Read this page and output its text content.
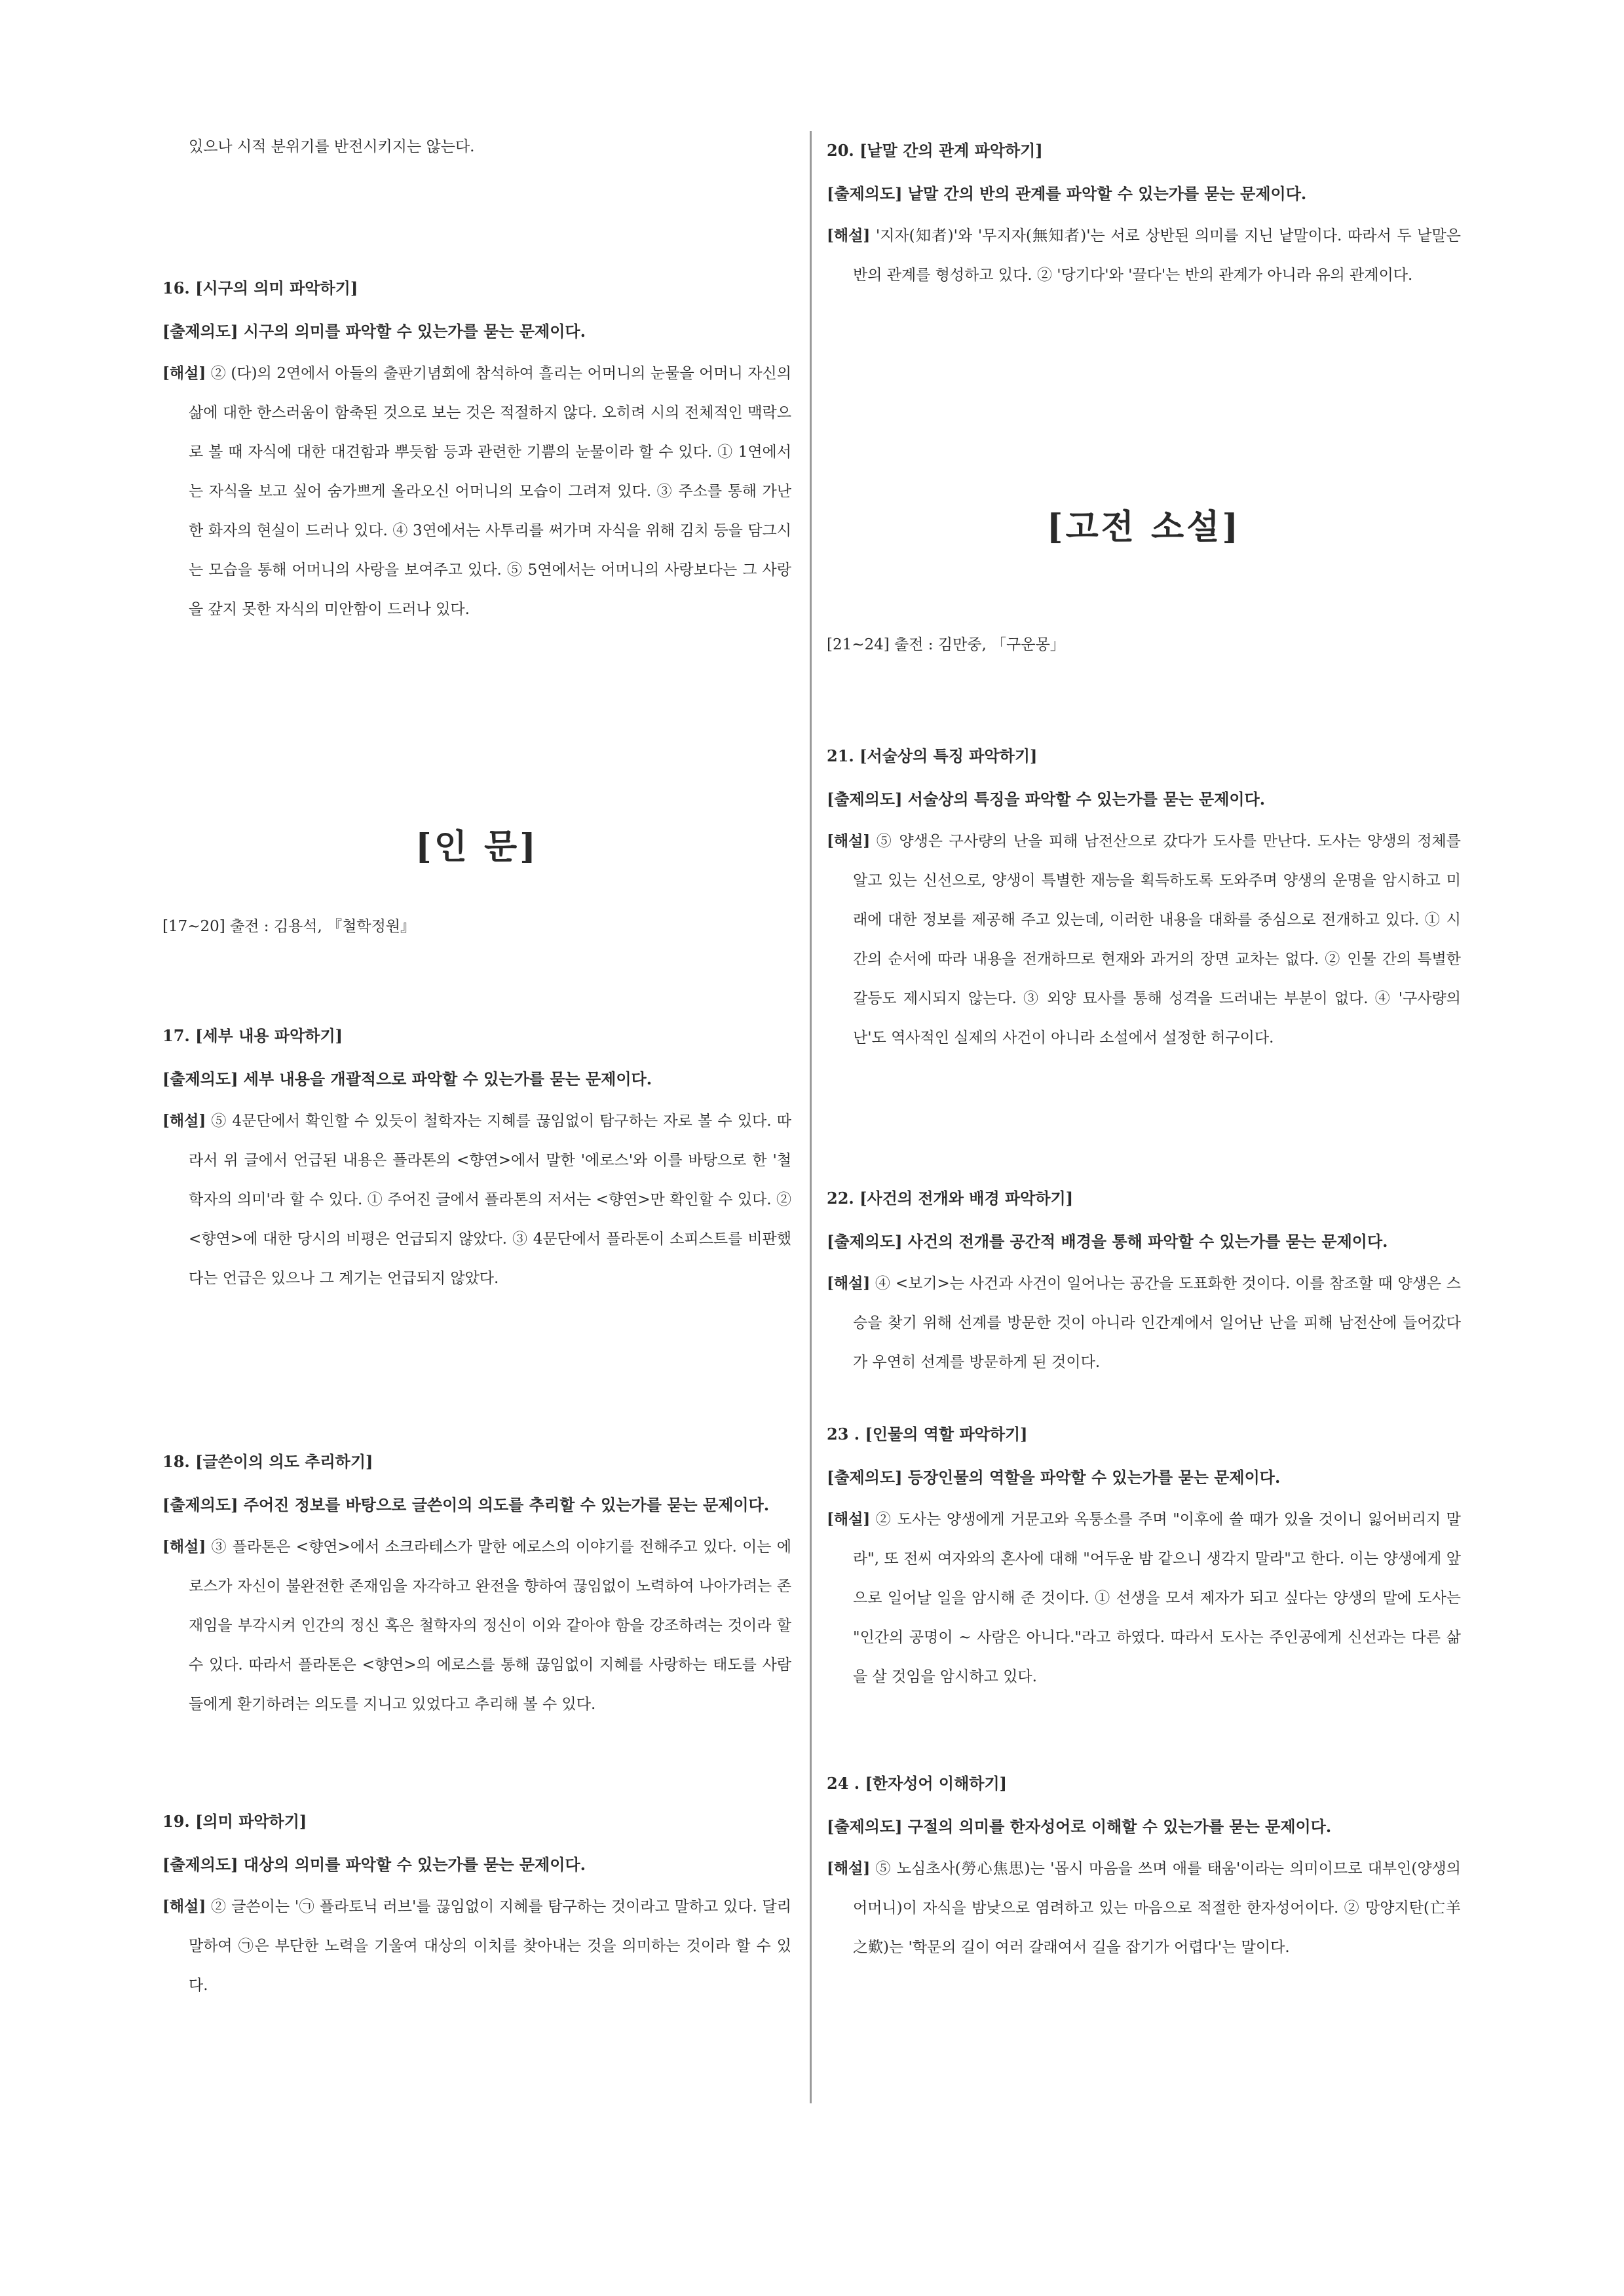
있으나 시적 분위기를 반전시키지는 않는다.
16. [시구의 의미 파악하기]
[출제의도] 시구의 의미를 파악할 수 있는가를 묻는 문제이다.
[해설] ② (다)의 2연에서 아들의 출판기념회에 참석하여 흘리는 어머니의 눈물을 어머니 자신의 삶에 대한 한스러움이 함축된 것으로 보는 것은 적절하지 않다. 오히려 시의 전체적인 맥락으로 볼 때 자식에 대한 대견함과 뿌듯함 등과 관련한 기쁨의 눈물이라 할 수 있다. ① 1연에서는 자식을 보고 싶어 숨가쁘게 올라오신 어머니의 모습이 그려져 있다. ③ 주소를 통해 가난한 화자의 현실이 드러나 있다. ④ 3연에서는 사투리를 써가며 자식을 위해 김치 등을 담그시는 모습을 통해 어머니의 사랑을 보여주고 있다. ⑤ 5연에서는 어머니의 사랑보다는 그 사랑을 갚지 못한 자식의 미안함이 드러나 있다.
[인 문]
[17~20] 출전 : 김용석, 『철학정원』
17. [세부 내용 파악하기]
[출제의도] 세부 내용을 개괄적으로 파악할 수 있는가를 묻는 문제이다.
[해설] ⑤ 4문단에서 확인할 수 있듯이 철학자는 지혜를 끊임없이 탐구하는 자로 볼 수 있다. 따라서 위 글에서 언급된 내용은 플라톤의 <향연>에서 말한 '에로스'와 이를 바탕으로 한 '철학자의 의미'라 할 수 있다. ① 주어진 글에서 플라톤의 저서는 <향연>만 확인할 수 있다. ② <향연>에 대한 당시의 비평은 언급되지 않았다. ③ 4문단에서 플라톤이 소피스트를 비판했다는 언급은 있으나 그 계기는 언급되지 않았다.
18. [글쓴이의 의도 추리하기]
[출제의도] 주어진 정보를 바탕으로 글쓴이의 의도를 추리할 수 있는가를 묻는 문제이다.
[해설] ③ 플라톤은 <향연>에서 소크라테스가 말한 에로스의 이야기를 전해주고 있다. 이는 에로스가 자신이 불완전한 존재임을 자각하고 완전을 향하여 끊임없이 노력하여 나아가려는 존재임을 부각시켜 인간의 정신 혹은 철학자의 정신이 이와 같아야 함을 강조하려는 것이라 할 수 있다. 따라서 플라톤은 <향연>의 에로스를 통해 끊임없이 지혜를 사랑하는 태도를 사람들에게 환기하려는 의도를 지니고 있었다고 추리해 볼 수 있다.
19. [의미 파악하기]
[출제의도] 대상의 의미를 파악할 수 있는가를 묻는 문제이다.
[해설] ② 글쓴이는 '㉠ 플라토닉 러브'를 끊임없이 지혜를 탐구하는 것이라고 말하고 있다. 달리 말하여 ㉠은 부단한 노력을 기울여 대상의 이치를 찾아내는 것을 의미하는 것이라 할 수 있다.
20. [낱말 간의 관계 파악하기]
[출제의도] 낱말 간의 반의 관계를 파악할 수 있는가를 묻는 문제이다.
[해설] '지자(知者)'와 '무지자(無知者)'는 서로 상반된 의미를 지닌 낱말이다. 따라서 두 낱말은 반의 관계를 형성하고 있다. ② '당기다'와 '끌다'는 반의 관계가 아니라 유의 관계이다.
[고전 소설]
[21~24] 출전 : 김만중, 「구운몽」
21. [서술상의 특징 파악하기]
[출제의도] 서술상의 특징을 파악할 수 있는가를 묻는 문제이다.
[해설] ⑤ 양생은 구사량의 난을 피해 남전산으로 갔다가 도사를 만난다. 도사는 양생의 정체를 알고 있는 신선으로, 양생이 특별한 재능을 획득하도록 도와주며 양생의 운명을 암시하고 미래에 대한 정보를 제공해 주고 있는데, 이러한 내용을 대화를 중심으로 전개하고 있다. ① 시간의 순서에 따라 내용을 전개하므로 현재와 과거의 장면 교차는 없다. ② 인물 간의 특별한 갈등도 제시되지 않는다. ③ 외양 묘사를 통해 성격을 드러내는 부분이 없다. ④ '구사량의 난'도 역사적인 실제의 사건이 아니라 소설에서 설정한 허구이다.
22. [사건의 전개와 배경 파악하기]
[출제의도] 사건의 전개를 공간적 배경을 통해 파악할 수 있는가를 묻는 문제이다.
[해설] ④ <보기>는 사건과 사건이 일어나는 공간을 도표화한 것이다. 이를 참조할 때 양생은 스승을 찾기 위해 선계를 방문한 것이 아니라 인간계에서 일어난 난을 피해 남전산에 들어갔다가 우연히 선계를 방문하게 된 것이다.
23 . [인물의 역할 파악하기]
[출제의도] 등장인물의 역할을 파악할 수 있는가를 묻는 문제이다.
[해설] ② 도사는 양생에게 거문고와 옥퉁소를 주며 "이후에 쓸 때가 있을 것이니 잃어버리지 말라", 또 전씨 여자와의 혼사에 대해 "어두운 밤 같으니 생각지 말라"고 한다. 이는 양생에게 앞으로 일어날 일을 암시해 준 것이다. ① 선생을 모셔 제자가 되고 싶다는 양생의 말에 도사는 "인간의 공명이 ~ 사람은 아니다."라고 하였다. 따라서 도사는 주인공에게 신선과는 다른 삶을 살 것임을 암시하고 있다.
24 . [한자성어 이해하기]
[출제의도] 구절의 의미를 한자성어로 이해할 수 있는가를 묻는 문제이다.
[해설] ⑤ 노심초사(勞心焦思)는 '몹시 마음을 쓰며 애를 태움'이라는 의미이므로 대부인(양생의 어머니)이 자식을 밤낮으로 염려하고 있는 마음으로 적절한 한자성어이다. ② 망양지탄(亡羊之歎)는 '학문의 길이 여러 갈래여서 길을 잡기가 어렵다'는 말이다.
